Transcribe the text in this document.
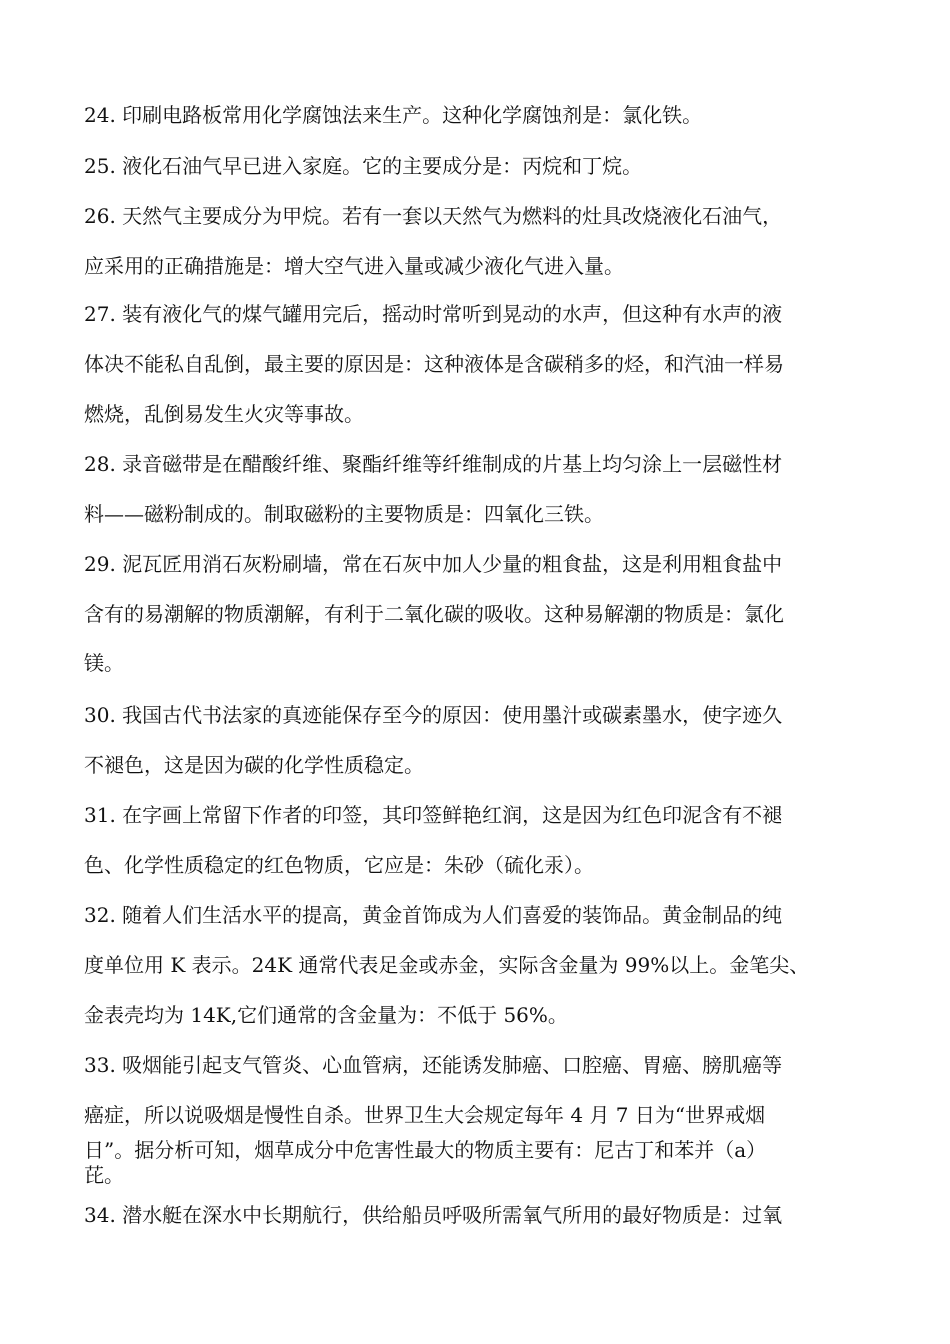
24. 印刷电路板常用化学腐蚀法来生产。这种化学腐蚀剂是：氯化铁。
25. 液化石油气早已进入家庭。它的主要成分是：丙烷和丁烷。
26. 天然气主要成分为甲烷。若有一套以天然气为燃料的灶具改烧液化石油气，
应采用的正确措施是：增大空气进入量或减少液化气进入量。
27. 装有液化气的煤气罐用完后，摇动时常听到晃动的水声，但这种有水声的液
体决不能私自乱倒，最主要的原因是：这种液体是含碳稍多的烃，和汽油一样易
燃烧，乱倒易发生火灾等事故。
28. 录音磁带是在醋酸纤维、聚酯纤维等纤维制成的片基上均匀涂上一层磁性材
料——磁粉制成的。制取磁粉的主要物质是：四氧化三铁。
29. 泥瓦匠用消石灰粉刷墙，常在石灰中加人少量的粗食盐，这是利用粗食盐中
含有的易潮解的物质潮解，有利于二氧化碳的吸收。这种易解潮的物质是：氯化
镁。
30. 我国古代书法家的真迹能保存至今的原因：使用墨汁或碳素墨水，使字迹久
不褪色，这是因为碳的化学性质稳定。
31. 在字画上常留下作者的印签，其印签鲜艳红润，这是因为红色印泥含有不褪
色、化学性质稳定的红色物质，它应是：朱砂（硫化汞）。
32. 随着人们生活水平的提高，黄金首饰成为人们喜爱的装饰品。黄金制品的纯
度单位用 K 表示。24K 通常代表足金或赤金，实际含金量为 99%以上。金笔尖、
金表壳均为 14K,它们通常的含金量为：不低于 56%。
33. 吸烟能引起支气管炎、心血管病，还能诱发肺癌、口腔癌、胃癌、膀肌癌等
癌症，所以说吸烟是慢性自杀。世界卫生大会规定每年 4 月 7 日为“世界戒烟
日”。据分析可知，烟草成分中危害性最大的物质主要有：尼古丁和苯并（a）
芘。
34. 潜水艇在深水中长期航行，供给船员呼吸所需氧气所用的最好物质是：过氧
